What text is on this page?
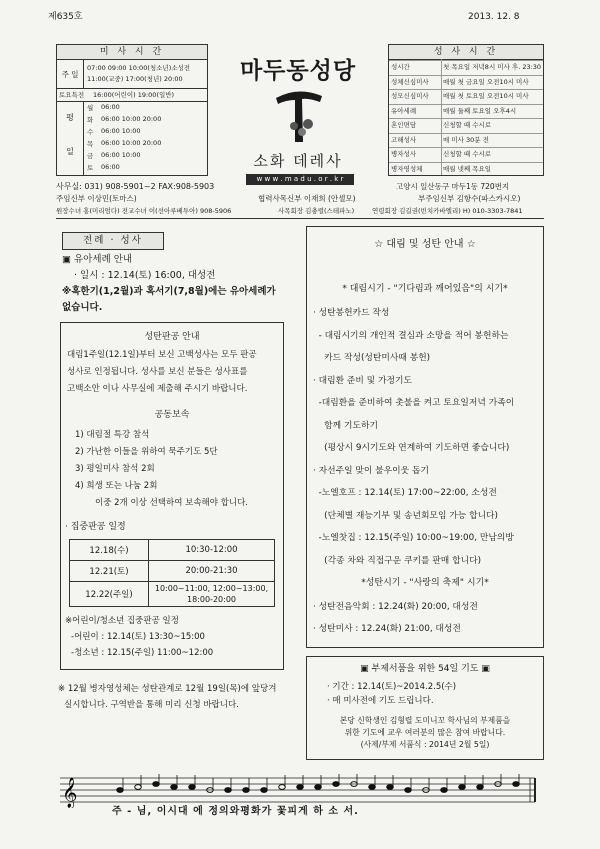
제635호	2013. 12. 8
미 사 시 간
주 일
07:00 09:00 10:00(청소년)소성전
11:00(교중) 17:00(청년) 20:00
토요특전 16:00(어린이) 19:00(일반)
평
일
월 06:00
화 06:00 10:00 20:00
수 06:00 10:00
목 06:00 10:00 20:00
금 06:00 10:00
토 06:00
마두동성당
소화 데레사
w w w . m a d u . o r . k r
성 사 시 간
성시간	첫 목요일 저녁8시 미사 후. 23:30
성체신심미사	매월 첫 금요일 오전10시 미사
성모신심미사	매월 첫 토요일 오전10시 미사
유아세례	매월 둘째 토요일 오후4시
혼인면담	신청할 때 수시로
고해성사	매 미사 30분 전
병자성사	신청할 때 수시로
병자영성체	매월 넷째 목요일
사무실: 031) 908-5901~2 FAX:908-5903	고양시 일산동구 마두1동 720번지
주임신부 이상민(토마스)	협력사목신부 이재희 (안셀모)	부주임신부 김항수(파스카시오)
원장수녀 홍(미리엄다) 전교수녀 이(선아루베투아) 908-5906	사목회장 김충렬(스테파노)	연령회장 김길권(빈치카바엘리) H) 010-3303-7841
전례 · 성사
▣ 유아세례 안내
· 일시 : 12.14(토) 16:00, 대성전
※혹한기(1,2월)과 혹서기(7,8월)에는 유아세례가
없습니다.
성탄판공 안내
대림1주일(12.1일)부터 보신 고백성사는 모두 판공
성사로 인정됩니다. 성사를 보신 분들은 성사표를
고백소안 이나 사무실에 제출해 주시기 바랍니다.
공동보속
1) 대림절 특강 참석
2) 가난한 이들을 위하여 묵주기도 5단
3) 평일미사 참석 2회
4) 희생 또는 나눔 2회
이중 2개 이상 선택하여 보속해야 합니다.
· 집중판공 일정
12.18(수)	10:30-12:00

12.21(토)	20:00-21:30

12.22(주일)	10:00~11:00, 12:00~13:00,
18:00-20:00
※어린이/청소년 집중판공 일정
-어린이 : 12.14(토) 13:30~15:00
-청소년 : 12.15(주일) 11:00~12:00
※ 12월 병자영성체는 성탄관계로 12월 19일(목)에 앞당겨
실시합니다. 구역반을 통해 미리 신청 바랍니다.
☆ 대림 및 성탄 안내 ☆
* 대림시기 - "기다림과 깨어있음"의 시기*
· 성탄봉헌카드 작성
- 대림시기의 개인적 결심과 소망을 적어 봉헌하는
카드 작성(성탄미사때 봉헌)
· 대림환 준비 및 가정기도
-대림환을 준비하여 촛불을 켜고 토요일저녁 가족이
함께 기도하기
(평상시 9시기도와 연계하여 기도하면 좋습니다)
· 자선주일 맞이 불우이웃 돕기
-노엘호프 : 12.14(토) 17:00~22:00, 소성전
(단체별 재능기부 및 송년회모임 가능 합니다)
-노엘찻집 : 12.15(주일) 10:00~19:00, 만남의방
(각종 차와 직접구운 쿠키를 판매 합니다)
*성탄시기 - "사랑의 축제" 시기*
· 성탄전음악회 : 12.24(화) 20:00, 대성전
· 성탄미사 : 12.24(화) 21:00, 대성전
▣ 부제서품을 위한 54일 기도 ▣
· 기간 : 12.14(토)~2014.2.5(수)
· 매 미사전에 기도 드립니다.
본당 신학생인 김형렬 도미니꼬 학사님의 부제품을
위한 기도에 교우 여러분의 많은 참여 바랍니다.
(사제/부제 서품식 : 2014년 2월 5일)
𝄞
주 - 님, 이시대 에 정의와평화가 꽃피게 하 소 서.
